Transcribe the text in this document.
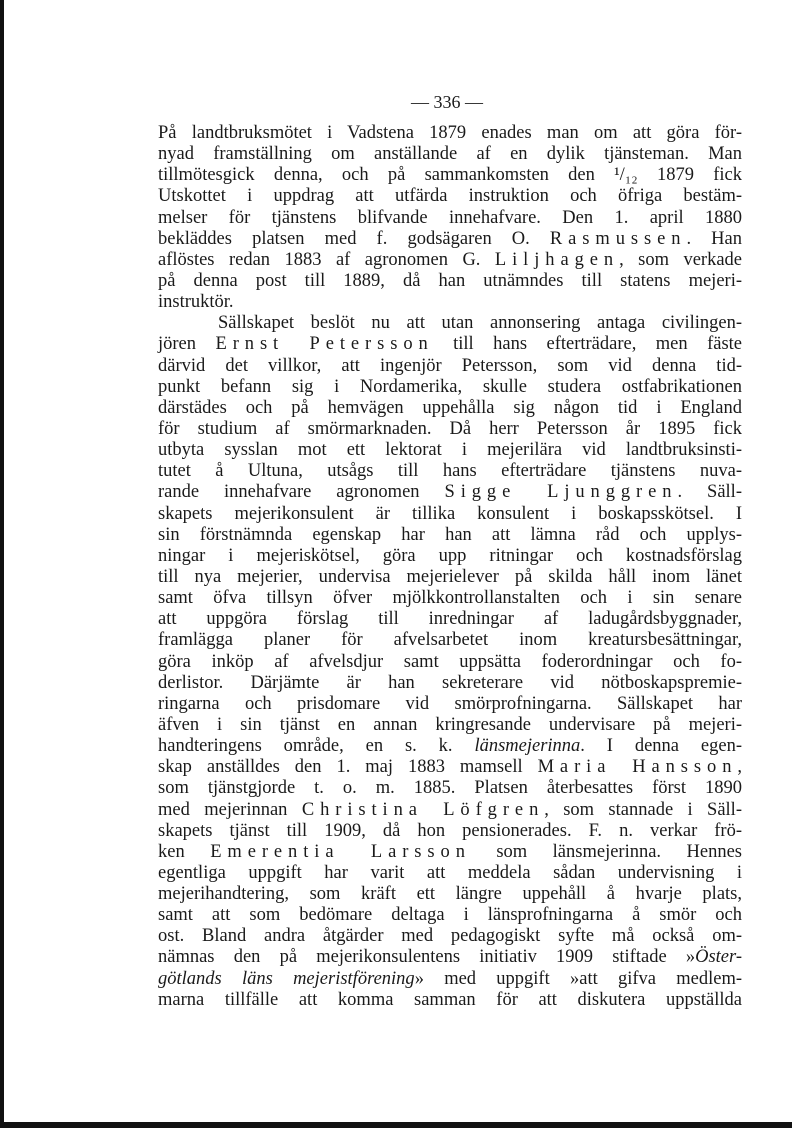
— 336 —
På landtbruksmötet i Vadstena 1879 enades man om att göra för-
nyad framställning om anställande af en dylik tjänsteman. Man
tillmötesgick denna, och på sammankomsten den ¹/₁₂ 1879 fick
Utskottet i uppdrag att utfärda instruktion och öfriga bestäm-
melser för tjänstens blifvande innehafvare. Den 1. april 1880
bekläddes platsen med f. godsägaren O. Rasmussen. Han
aflöstes redan 1883 af agronomen G. Liljhagen, som verkade
på denna post till 1889, då han utnämndes till statens mejeri-
instruktör.
Sällskapet beslöt nu att utan annonsering antaga civilingen-
jören Ernst Petersson till hans efterträdare, men fäste
därvid det villkor, att ingenjör Petersson, som vid denna tid-
punkt befann sig i Nordamerika, skulle studera ostfabrikationen
därstädes och på hemvägen uppehålla sig någon tid i England
för studium af smörmarknaden. Då herr Petersson år 1895 fick
utbyta sysslan mot ett lektorat i mejerilära vid landtbruksinsti-
tutet å Ultuna, utsågs till hans efterträdare tjänstens nuva-
rande innehafvare agronomen Sigge Ljunggren. Säll-
skapets mejerikonsulent är tillika konsulent i boskapsskötsel. I
sin förstnämnda egenskap har han att lämna råd och upplys-
ningar i mejeriskötsel, göra upp ritningar och kostnadsförslag
till nya mejerier, undervisa mejerielever på skilda håll inom länet
samt öfva tillsyn öfver mjölkkontrollanstalten och i sin senare
att uppgöra förslag till inredningar af ladugårdsbyggnader,
framlägga planer för afvelsarbetet inom kreatursbesättningar,
göra inköp af afvelsdjur samt uppsätta foderordningar och fo-
derlistor. Därjämte är han sekreterare vid nötboskapspremie-
ringarna och prisdomare vid smörprofningarna. Sällskapet har
äfven i sin tjänst en annan kringresande undervisare på mejeri-
handteringens område, en s. k. länsmejerinna. I denna egen-
skap anställdes den 1. maj 1883 mamsell Maria Hansson,
som tjänstgjorde t. o. m. 1885. Platsen återbesattes först 1890
med mejerinnan Christina Löfgren, som stannade i Säll-
skapets tjänst till 1909, då hon pensionerades. F. n. verkar frö-
ken Emerentia Larsson som länsmejerinna. Hennes
egentliga uppgift har varit att meddela sådan undervisning i
mejerihandtering, som kräft ett längre uppehåll å hvarje plats,
samt att som bedömare deltaga i länsprofningarna å smör och
ost. Bland andra åtgärder med pedagogiskt syfte må också om-
nämnas den på mejerikonsulentens initiativ 1909 stiftade »Öster-
götlands läns mejeristförening» med uppgift »att gifva medlem-
marna tillfälle att komma samman för att diskutera uppställda
